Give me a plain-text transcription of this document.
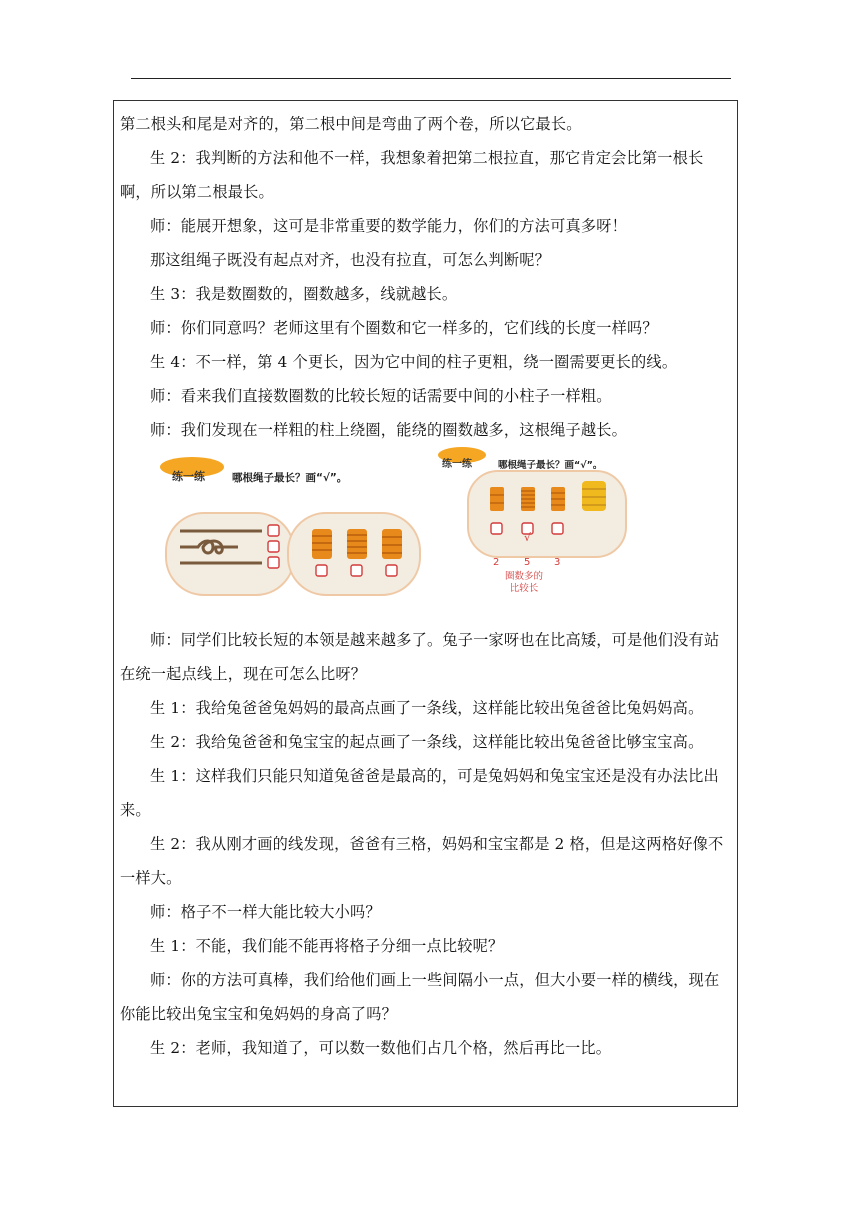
第二根头和尾是对齐的，第二根中间是弯曲了两个卷，所以它最长。

生 2：我判断的方法和他不一样，我想象着把第二根拉直，那它肯定会比第一根长啊，所以第二根最长。

师：能展开想象，这可是非常重要的数学能力，你们的方法可真多呀！

那这组绳子既没有起点对齐，也没有拉直，可怎么判断呢？

生 3：我是数圈数的，圈数越多，线就越长。

师：你们同意吗？老师这里有个圈数和它一样多的，它们线的长度一样吗？

生 4：不一样，第 4 个更长，因为它中间的柱子更粗，绕一圈需要更长的线。

师：看来我们直接数圈数的比较长短的话需要中间的小柱子一样粗。

师：我们发现在一样粗的柱上绕圈，能绕的圈数越多，这根绳子越长。

练一练	哪根绳子最长？画“√”。
练一练	哪根绳子最长？画“√”。
√
2 5 3
圈数多的
比较长

师：同学们比较长短的本领是越来越多了。兔子一家呀也在比高矮，可是他们没有站在统一起点线上，现在可怎么比呀？

生 1：我给兔爸爸兔妈妈的最高点画了一条线，这样能比较出兔爸爸比兔妈妈高。

生 2：我给兔爸爸和兔宝宝的起点画了一条线，这样能比较出兔爸爸比够宝宝高。

生 1：这样我们只能只知道兔爸爸是最高的，可是兔妈妈和兔宝宝还是没有办法比出来。

生 2：我从刚才画的线发现，爸爸有三格，妈妈和宝宝都是 2 格，但是这两格好像不一样大。

师：格子不一样大能比较大小吗？

生 1：不能，我们能不能再将格子分细一点比较呢？

师：你的方法可真棒，我们给他们画上一些间隔小一点，但大小要一样的横线，现在你能比较出兔宝宝和兔妈妈的身高了吗？

生 2：老师，我知道了，可以数一数他们占几个格，然后再比一比。
